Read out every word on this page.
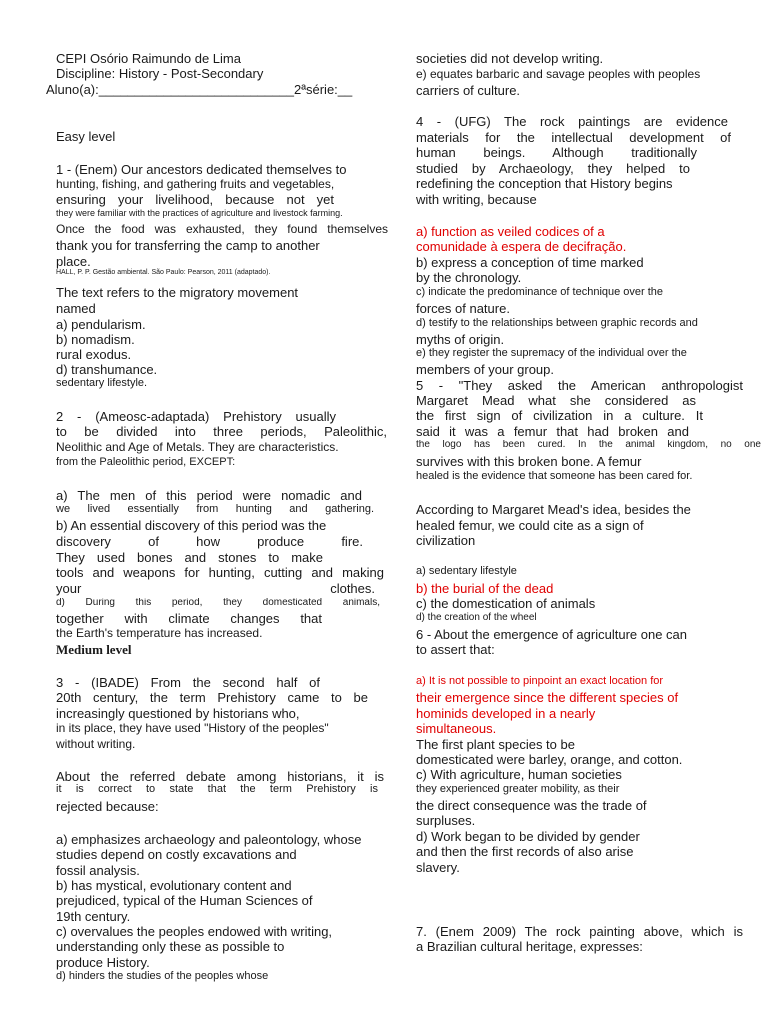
CEPI Osório Raimundo de Lima
Discipline: History - Post-Secondary
Aluno(a):___________________________2ªsérie:__
Easy level
1 - (Enem) Our ancestors dedicated themselves to
hunting, fishing, and gathering fruits and vegetables,
ensuring your livelihood, because not yet
they were familiar with the practices of agriculture and livestock farming.
Once the food was exhausted, they found themselves
thank you for transferring the camp to another
place.
HALL, P. P. Gestão ambiental. São Paulo: Pearson, 2011 (adaptado).
The text refers to the migratory movement
named
a) pendularism.
b) nomadism.
rural exodus.
d) transhumance.
sedentary lifestyle.
2 - (Ameosc-adaptada) Prehistory usually
to be divided into three periods, Paleolithic,
Neolithic and Age of Metals. They are characteristics.
from the Paleolithic period, EXCEPT:
a) The men of this period were nomadic and
we lived essentially from hunting and gathering.
b) An essential discovery of this period was the
discovery of how produce fire.
They used bones and stones to make
tools and weapons for hunting, cutting and making
your clothes.
d) During this period, they domesticated animals,
together with climate changes that
the Earth's temperature has increased.
Medium level
3 - (IBADE) From the second half of
20th century, the term Prehistory came to be
increasingly questioned by historians who,
in its place, they have used "History of the peoples"
without writing.
About the referred debate among historians, it is
it is correct to state that the term Prehistory is
rejected because:
a) emphasizes archaeology and paleontology, whose
studies depend on costly excavations and
fossil analysis.
b) has mystical, evolutionary content and
prejudiced, typical of the Human Sciences of
19th century.
c) overvalues the peoples endowed with writing,
understanding only these as possible to
produce History.
d) hinders the studies of the peoples whose
societies did not develop writing.
e) equates barbaric and savage peoples with peoples
carriers of culture.
4 - (UFG) The rock paintings are evidence
materials for the intellectual development of
human beings. Although traditionally
studied by Archaeology, they helped to
redefining the conception that History begins
with writing, because
a) function as veiled codices of a
comunidade à espera de decifração.
b) express a conception of time marked
by the chronology.
c) indicate the predominance of technique over the
forces of nature.
d) testify to the relationships between graphic records and
myths of origin.
e) they register the supremacy of the individual over the
members of your group.
5 - "They asked the American anthropologist
Margaret Mead what she considered as
the first sign of civilization in a culture. It
said it was a femur that had broken and
the logo has been cured. In the animal kingdom, no one
survives with this broken bone. A femur
healed is the evidence that someone has been cared for.
According to Margaret Mead's idea, besides the
healed femur, we could cite as a sign of
civilization
a) sedentary lifestyle
b) the burial of the dead
c) the domestication of animals
d) the creation of the wheel
6 - About the emergence of agriculture one can
to assert that:
a) It is not possible to pinpoint an exact location for
their emergence since the different species of
hominids developed in a nearly
simultaneous.
The first plant species to be
domesticated were barley, orange, and cotton.
c) With agriculture, human societies
they experienced greater mobility, as their
the direct consequence was the trade of
surpluses.
d) Work began to be divided by gender
and then the first records of also arise
slavery.
7. (Enem 2009) The rock painting above, which is
a Brazilian cultural heritage, expresses:
